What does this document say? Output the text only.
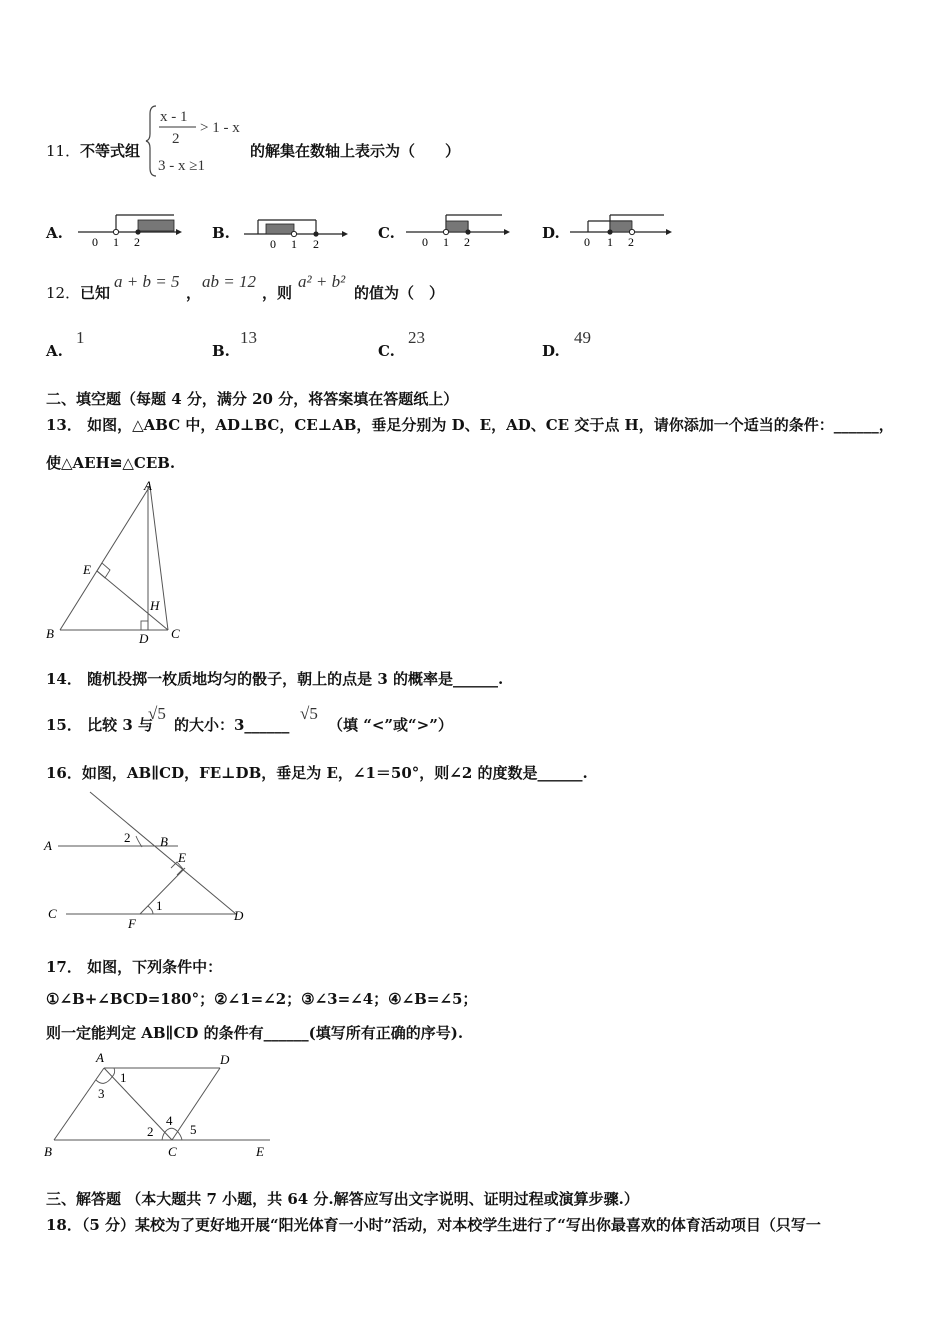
11． 不等式组
x - 1
2
> 1 - x
3 - x ≥1
的解集在数轴上表示为（　　）
A. 0 1 2	B.
0 1 2
C. 0 1 2	D. 0 1 2
12． 已知
a + b = 5
，
ab = 12
，则
a² + b²
的值为（　）
A.
1
B.
13
C.
23
D.
49
二、填空题（每题 4 分，满分 20 分，将答案填在答题纸上）
13． 如图，△ABC 中，AD⊥BC，CE⊥AB，垂足分别为 D、E，AD、CE 交于点 H，请你添加一个适当的条件：______，
使△AEH≌△CEB.
A
E
H
B	D C
14． 随机投掷一枚质地均匀的骰子，朝上的点是 3 的概率是______.
15． 比较 3 与
√5
的大小：3______
√5
（填 “<”或“>”）
16．如图，AB∥CD，FE⊥DB，垂足为 E，∠1＝50°，则∠2 的度数是______.
A
2 B
E
C
F
1
D
17． 如图，下列条件中：
①∠B+∠BCD=180°；②∠1=∠2；③∠3=∠4；④∠B=∠5；
则一定能判定 AB∥CD 的条件有______(填写所有正确的序号).
A	D
1
3
2
4
5
B	C	E
三、解答题 （本大题共 7 小题，共 64 分.解答应写出文字说明、证明过程或演算步骤.）
18．（5 分）某校为了更好地开展“阳光体育一小时”活动，对本校学生进行了“写出你最喜欢的体育活动项目（只写一
